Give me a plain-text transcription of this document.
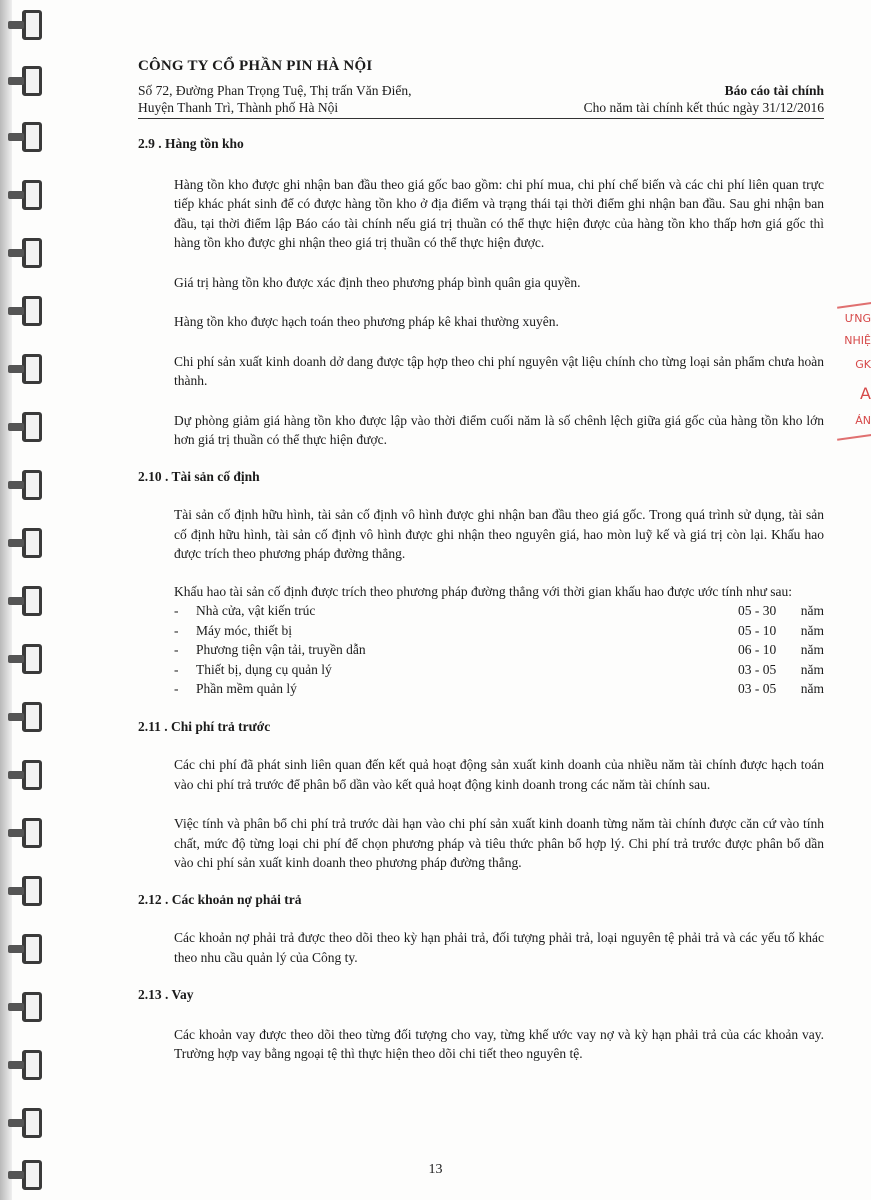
ƯNG
NHIỆ
GK
A
ÁN
CÔNG TY CỔ PHẦN PIN HÀ NỘI
Số 72, Đường Phan Trọng Tuệ, Thị trấn Văn Điển,	Báo cáo tài chính
Huyện Thanh Trì, Thành phố Hà Nội	Cho năm tài chính kết thúc ngày 31/12/2016
2.9
. Hàng tồn kho

Hàng tồn kho được ghi nhận ban đầu theo giá gốc bao gồm: chi phí mua, chi phí chế biến và các chi phí liên quan trực tiếp khác phát sinh để có được hàng tồn kho ở địa điểm và trạng thái tại thời điểm ghi nhận ban đầu. Sau ghi nhận ban đầu, tại thời điểm lập Báo cáo tài chính nếu giá trị thuần có thể thực hiện được của hàng tồn kho thấp hơn giá gốc thì hàng tồn kho được ghi nhận theo giá trị thuần có thể thực hiện được.

Giá trị hàng tồn kho được xác định theo phương pháp bình quân gia quyền.

Hàng tồn kho được hạch toán theo phương pháp kê khai thường xuyên.

Chi phí sản xuất kinh doanh dở dang được tập hợp theo chi phí nguyên vật liệu chính cho từng loại sản phẩm chưa hoàn thành.

Dự phòng giảm giá hàng tồn kho được lập vào thời điểm cuối năm là số chênh lệch giữa giá gốc của hàng tồn kho lớn hơn giá trị thuần có thể thực hiện được.

2.10
. Tài sản cố định

Tài sản cố định hữu hình, tài sản cố định vô hình được ghi nhận ban đầu theo giá gốc. Trong quá trình sử dụng, tài sản cố định hữu hình, tài sản cố định vô hình được ghi nhận theo nguyên giá, hao mòn luỹ kế và giá trị còn lại. Khấu hao được trích theo phương pháp đường thẳng.

Khấu hao tài sản cố định được trích theo phương pháp đường thẳng với thời gian khấu hao được ước tính như sau:

-	Nhà cửa, vật kiến trúc	05 - 30	năm
-	Máy móc, thiết bị	05 - 10	năm
-	Phương tiện vận tải, truyền dẫn	06 - 10	năm
-	Thiết bị, dụng cụ quản lý	03 - 05	năm
-	Phần mềm quản lý	03 - 05	năm
2.11
. Chi phí trả trước

Các chi phí đã phát sinh liên quan đến kết quả hoạt động sản xuất kinh doanh của nhiều năm tài chính được hạch toán vào chi phí trả trước để phân bổ dần vào kết quả hoạt động kinh doanh trong các năm tài chính sau.

Việc tính và phân bổ chi phí trả trước dài hạn vào chi phí sản xuất kinh doanh từng năm tài chính được căn cứ vào tính chất, mức độ từng loại chi phí để chọn phương pháp và tiêu thức phân bổ hợp lý. Chi phí trả trước được phân bổ dần vào chi phí sản xuất kinh doanh theo phương pháp đường thẳng.

2.12
. Các khoản nợ phải trả

Các khoản nợ phải trả được theo dõi theo kỳ hạn phải trả, đối tượng phải trả, loại nguyên tệ phải trả và các yếu tố khác theo nhu cầu quản lý của Công ty.

2.13
. Vay

Các khoản vay được theo dõi theo từng đối tượng cho vay, từng khế ước vay nợ và kỳ hạn phải trả của các khoản vay. Trường hợp vay bằng ngoại tệ thì thực hiện theo dõi chi tiết theo nguyên tệ.

13
